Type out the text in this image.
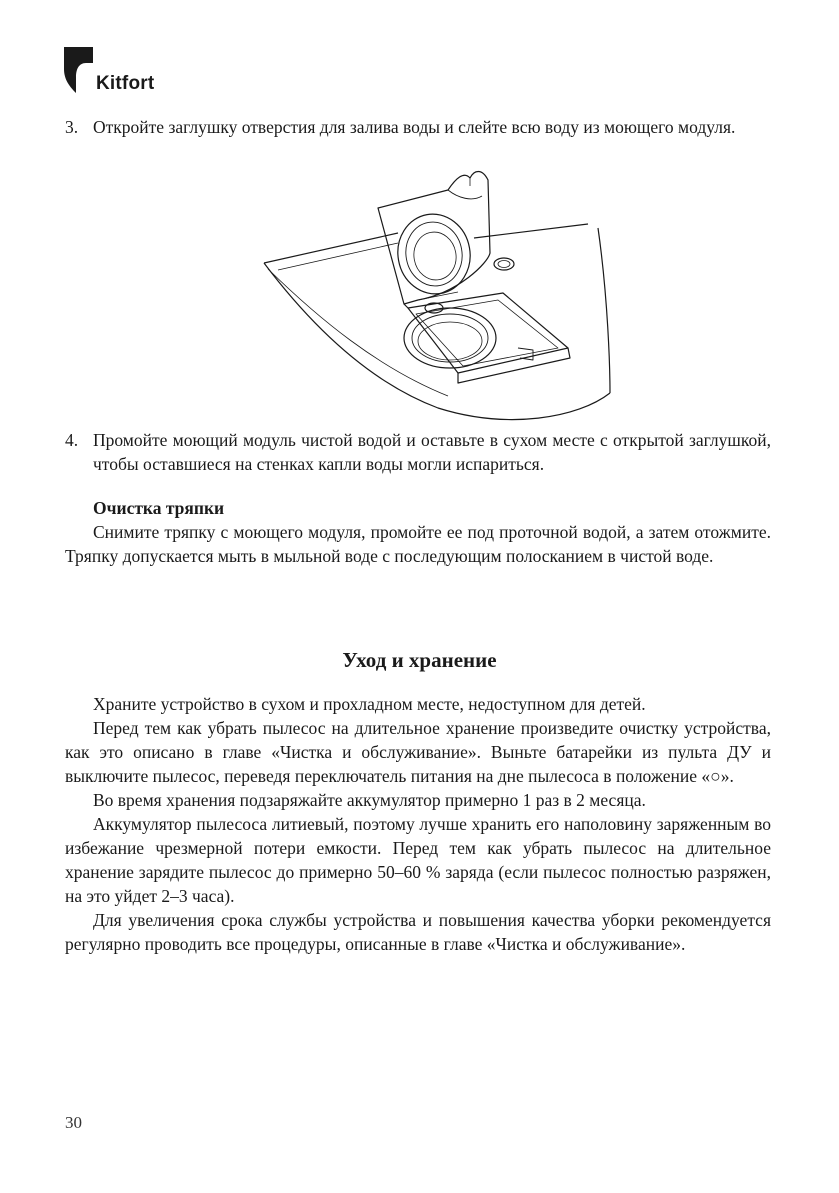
Kitfort
3. Откройте заглушку отверстия для залива воды и слейте всю воду из моющего модуля.
4. Промойте моющий модуль чистой водой и оставьте в сухом месте с открытой заглушкой, чтобы оставшиеся на стенках капли воды могли испариться.

Очистка тряпки

Снимите тряпку с моющего модуля, промойте ее под проточной водой, а затем отожмите. Тряпку допускается мыть в мыльной воде с последующим полосканием в чистой воде.

Уход и хранение

Храните устройство в сухом и прохладном месте, недоступном для детей.

Перед тем как убрать пылесос на длительное хранение произведите очистку устройства, как это описано в главе «Чистка и обслуживание». Выньте батарейки из пульта ДУ и выключите пылесос, переведя переключатель питания на дне пылесоса в положение «○».

Во время хранения подзаряжайте аккумулятор примерно 1 раз в 2 месяца.

Аккумулятор пылесоса литиевый, поэтому лучше хранить его наполовину заряженным во избежание чрезмерной потери емкости. Перед тем как убрать пылесос на длительное хранение зарядите пылесос до примерно 50–60 % заряда (если пылесос полностью разряжен, на это уйдет 2–3 часа).

Для увеличения срока службы устройства и повышения качества уборки рекомендуется регулярно проводить все процедуры, описанные в главе «Чистка и обслуживание».

30
